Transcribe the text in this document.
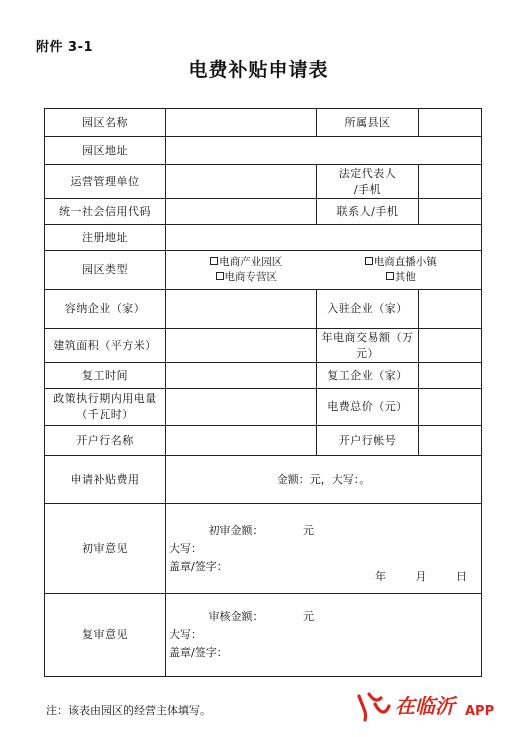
附件 3-1
电费补贴申请表
园区名称		所属县区	
园区地址			
运营管理单位		法定代表人
/手机	

统一社会信用代码		联系人/手机	
注册地址			
园区类型	电商产业园区 电商直播小镇
电商专营区 其他		

容纳企业（家）		入驻企业（家）	
建筑面积（平方米）		年电商交易额（万
元）	

复工时间		复工企业（家）	

政策执行期内用电量
（千瓦时）		电费总价（元）	
开户行名称		开户行帐号	
申请补贴费用	金额：元，大写：。		
初审意见	初审金额： 元
大写：
盖章/签字：
年 月 日		

复审意见	审核金额： 元
大写：
盖章/签字：		
注：该表由园区的经营主体填写。	在临沂 APP
